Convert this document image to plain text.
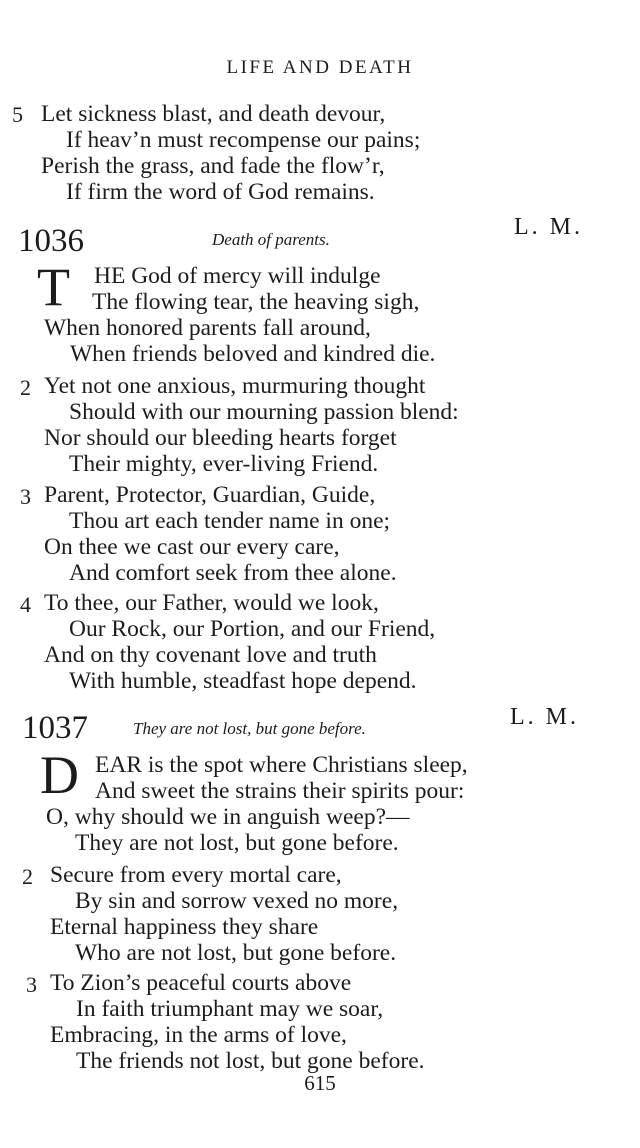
LIFE AND DEATH
5 Let sickness blast, and death devour,
If heav’n must recompense our pains;
Perish the grass, and fade the flow’r,
If firm the word of God remains.
1036	Death of parents.	L. M.
T HE God of mercy will indulge
The flowing tear, the heaving sigh,
When honored parents fall around,
When friends beloved and kindred die.
2 Yet not one anxious, murmuring thought
Should with our mourning passion blend:
Nor should our bleeding hearts forget
Their mighty, ever-living Friend.
3 Parent, Protector, Guardian, Guide,
Thou art each tender name in one;
On thee we cast our every care,
And comfort seek from thee alone.
4 To thee, our Father, would we look,
Our Rock, our Portion, and our Friend,
And on thy covenant love and truth
With humble, steadfast hope depend.
1037	They are not lost, but gone before.	L. M.
D EAR is the spot where Christians sleep,
And sweet the strains their spirits pour:
O, why should we in anguish weep?—
They are not lost, but gone before.
2 Secure from every mortal care,
By sin and sorrow vexed no more,
Eternal happiness they share
Who are not lost, but gone before.
3 To Zion’s peaceful courts above
In faith triumphant may we soar,
Embracing, in the arms of love,
The friends not lost, but gone before.
615
